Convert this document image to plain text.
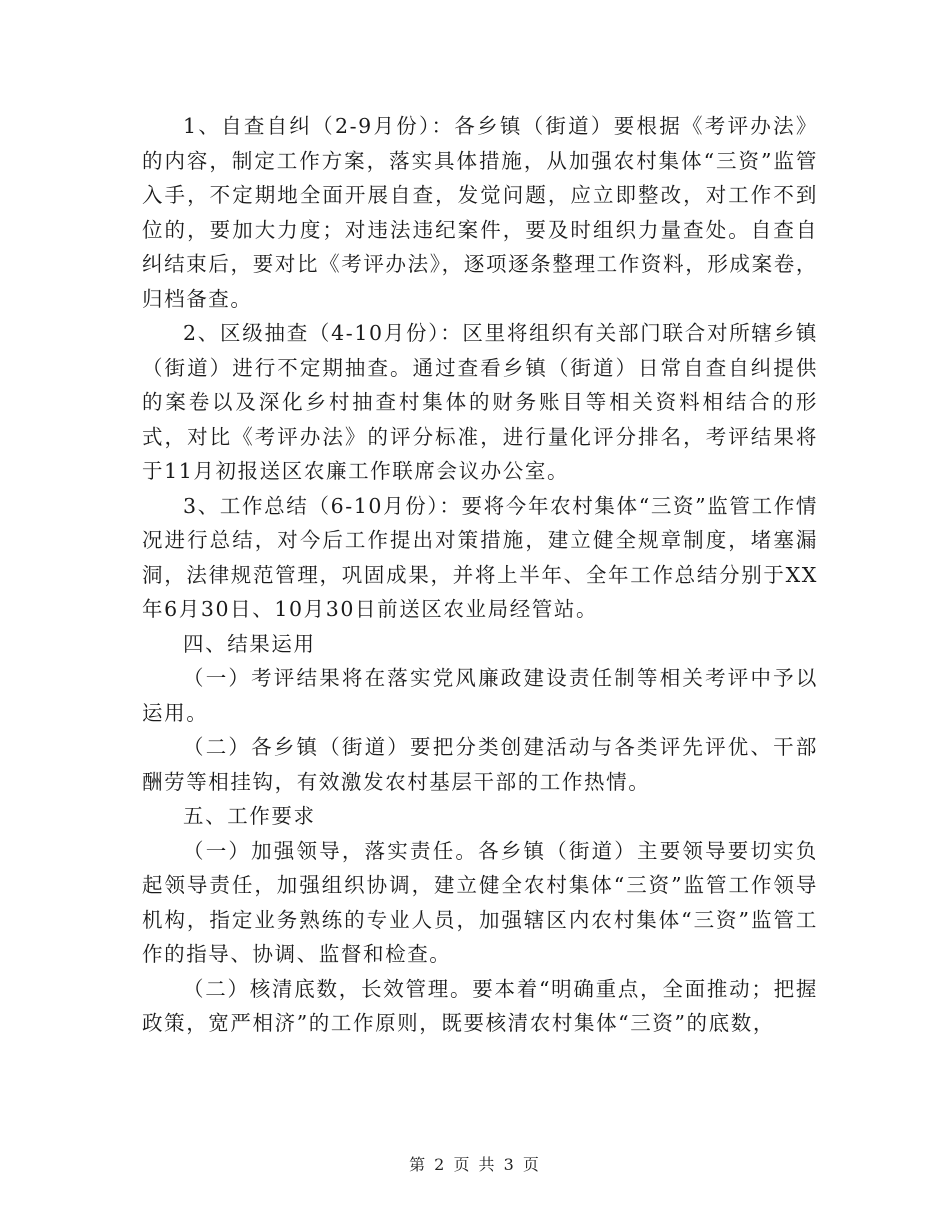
1、自查自纠（2-9月份）：各乡镇（街道）要根据《考评办法》的内容，制定工作方案，落实具体措施，从加强农村集体“三资”监管入手，不定期地全面开展自查，发觉问题，应立即整改，对工作不到位的，要加大力度；对违法违纪案件，要及时组织力量查处。自查自纠结束后，要对比《考评办法》，逐项逐条整理工作资料，形成案卷，归档备查。

2、区级抽查（4-10月份）：区里将组织有关部门联合对所辖乡镇（街道）进行不定期抽查。通过查看乡镇（街道）日常自查自纠提供的案卷以及深化乡村抽查村集体的财务账目等相关资料相结合的形式，对比《考评办法》的评分标准，进行量化评分排名，考评结果将于11月初报送区农廉工作联席会议办公室。

3、工作总结（6-10月份）：要将今年农村集体“三资”监管工作情况进行总结，对今后工作提出对策措施，建立健全规章制度，堵塞漏洞，法律规范管理，巩固成果，并将上半年、全年工作总结分别于XX年6月30日、10月30日前送区农业局经管站。

四、结果运用

（一）考评结果将在落实党风廉政建设责任制等相关考评中予以运用。

（二）各乡镇（街道）要把分类创建活动与各类评先评优、干部酬劳等相挂钩，有效激发农村基层干部的工作热情。

五、工作要求

（一）加强领导，落实责任。各乡镇（街道）主要领导要切实负起领导责任，加强组织协调，建立健全农村集体“三资”监管工作领导机构，指定业务熟练的专业人员，加强辖区内农村集体“三资”监管工作的指导、协调、监督和检查。

（二）核清底数，长效管理。要本着“明确重点，全面推动；把握政策，宽严相济”的工作原则，既要核清农村集体“三资”的底数，

第 2 页 共 3 页
